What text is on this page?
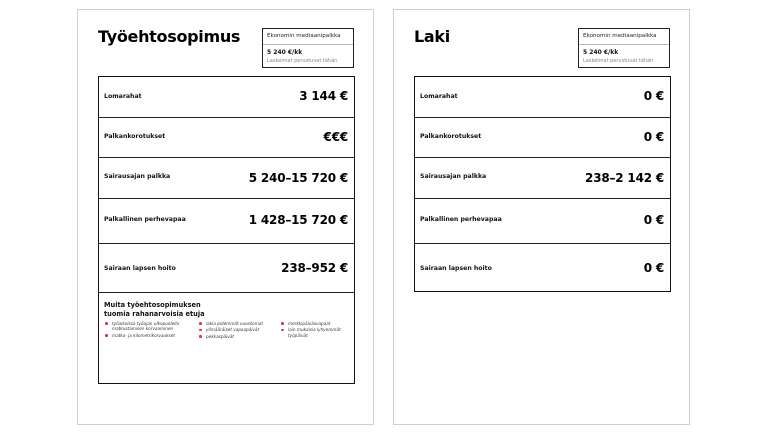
Työehtosopimus	Ekonomin mediaanipalkka
5 240 €/kk
Laskelmat perustuvat tähän
Lomarahat	3 144 €
Palkankorotukset	€€€
Sairausajan palkka	5 240–15 720 €
Palkallinen perhevapaa	1 428–15 720 €
Sairaan lapsen hoito	238–952 €
Muita työehtosopimuksen tuomia rahanarvoisia etuja
työaikoissa työajan ulkopuolella matkustamisen korvaaminen
matka- ja kilometrikorvaukset
lakia pidemmät vuosilomat
ylimääräiset vapaapäivät
pekkaspäivät
merkkipäiväsvapaat
lain mukaisia lyhyemmät työpäivät
Laki	Ekonomin mediaanipalkka
5 240 €/kk
Laskelmat perustuvat tähän
Lomarahat	0 €
Palkankorotukset	0 €
Sairausajan palkka	238–2 142 €
Palkallinen perhevapaa	0 €
Sairaan lapsen hoito	0 €
